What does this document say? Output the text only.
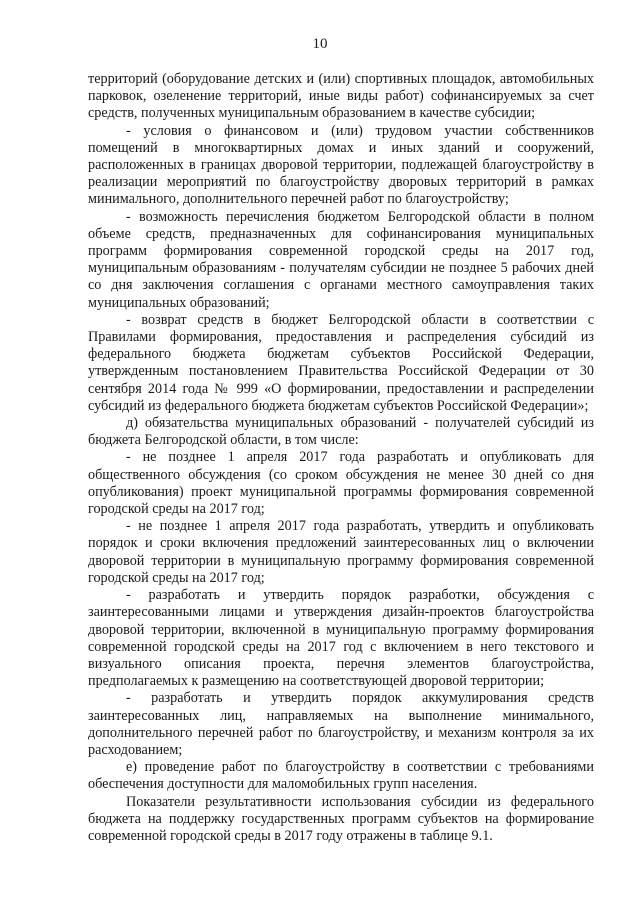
10

территорий (оборудование детских и (или) спортивных площадок, автомобильных парковок, озеленение территорий, иные виды работ) софинансируемых за счет средств, полученных муниципальным образованием в качестве субсидии;

- условия о финансовом и (или) трудовом участии собственников помещений в многоквартирных домах и иных зданий и сооружений, расположенных в границах дворовой территории, подлежащей благоустройству в реализации мероприятий по благоустройству дворовых территорий в рамках минимального, дополнительного перечней работ по благоустройству;

- возможность перечисления бюджетом Белгородской области в полном объеме средств, предназначенных для софинансирования муниципальных программ формирования современной городской среды на 2017 год, муниципальным образованиям - получателям субсидии не позднее 5 рабочих дней со дня заключения соглашения с органами местного самоуправления таких муниципальных образований;

- возврат средств в бюджет Белгородской области в соответствии с Правилами формирования, предоставления и распределения субсидий из федерального бюджета бюджетам субъектов Российской Федерации, утвержденным постановлением Правительства Российской Федерации от 30 сентября 2014 года № 999 «О формировании, предоставлении и распределении субсидий из федерального бюджета бюджетам субъектов Российской Федерации»;

д) обязательства муниципальных образований - получателей субсидий из бюджета Белгородской области, в том числе:

- не позднее 1 апреля 2017 года разработать и опубликовать для общественного обсуждения (со сроком обсуждения не менее 30 дней со дня опубликования) проект муниципальной программы формирования современной городской среды на 2017 год;

- не позднее 1 апреля 2017 года разработать, утвердить и опубликовать порядок и сроки включения предложений заинтересованных лиц о включении дворовой территории в муниципальную программу формирования современной городской среды на 2017 год;

- разработать и утвердить порядок разработки, обсуждения с заинтересованными лицами и утверждения дизайн-проектов благоустройства дворовой территории, включенной в муниципальную программу формирования современной городской среды на 2017 год с включением в него текстового и визуального описания проекта, перечня элементов благоустройства, предполагаемых к размещению на соответствующей дворовой территории;

- разработать и утвердить порядок аккумулирования средств заинтересованных лиц, направляемых на выполнение минимального, дополнительного перечней работ по благоустройству, и механизм контроля за их расходованием;

е) проведение работ по благоустройству в соответствии с требованиями обеспечения доступности для маломобильных групп населения.

Показатели результативности использования субсидии из федерального бюджета на поддержку государственных программ субъектов на формирование современной городской среды в 2017 году отражены в таблице 9.1.
